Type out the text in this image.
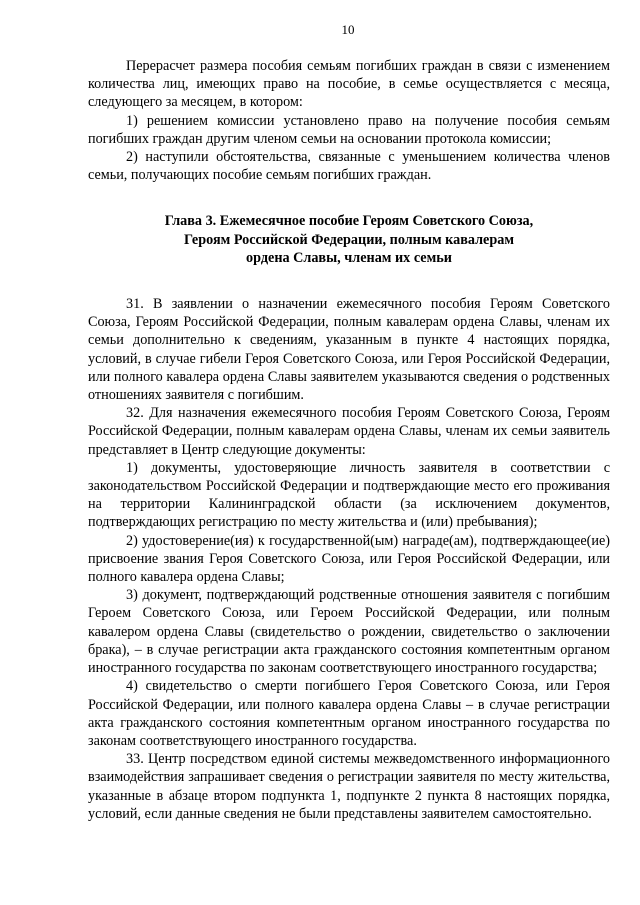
10

Перерасчет размера пособия семьям погибших граждан в связи с изменением количества лиц, имеющих право на пособие, в семье осуществляется с месяца, следующего за месяцем, в котором:

1) решением комиссии установлено право на получение пособия семьям погибших граждан другим членом семьи на основании протокола комиссии;

2) наступили обстоятельства, связанные с уменьшением количества членов семьи, получающих пособие семьям погибших граждан.

Глава 3. Ежемесячное пособие Героям Советского Союза,
Героям Российской Федерации, полным кавалерам
ордена Славы, членам их семьи

31. В заявлении о назначении ежемесячного пособия Героям Советского Союза, Героям Российской Федерации, полным кавалерам ордена Славы, членам их семьи дополнительно к сведениям, указанным в пункте 4 настоящих порядка, условий, в случае гибели Героя Советского Союза, или Героя Российской Федерации, или полного кавалера ордена Славы заявителем указываются сведения о родственных отношениях заявителя с погибшим.

32. Для назначения ежемесячного пособия Героям Советского Союза, Героям Российской Федерации, полным кавалерам ордена Славы, членам их семьи заявитель представляет в Центр следующие документы:

1) документы, удостоверяющие личность заявителя в соответствии с законодательством Российской Федерации и подтверждающие место его проживания на территории Калининградской области (за исключением документов, подтверждающих регистрацию по месту жительства и (или) пребывания);

2) удостоверение(ия) к государственной(ым) награде(ам), подтверждающее(ие) присвоение звания Героя Советского Союза, или Героя Российской Федерации, или полного кавалера ордена Славы;

3) документ, подтверждающий родственные отношения заявителя с погибшим Героем Советского Союза, или Героем Российской Федерации, или полным кавалером ордена Славы (свидетельство о рождении, свидетельство о заключении брака), – в случае регистрации акта гражданского состояния компетентным органом иностранного государства по законам соответствующего иностранного государства;

4) свидетельство о смерти погибшего Героя Советского Союза, или Героя Российской Федерации, или полного кавалера ордена Славы – в случае регистрации акта гражданского состояния компетентным органом иностранного государства по законам соответствующего иностранного государства.

33. Центр посредством единой системы межведомственного информационного взаимодействия запрашивает сведения о регистрации заявителя по месту жительства, указанные в абзаце втором подпункта 1, подпункте 2 пункта 8 настоящих порядка, условий, если данные сведения не были представлены заявителем самостоятельно.
